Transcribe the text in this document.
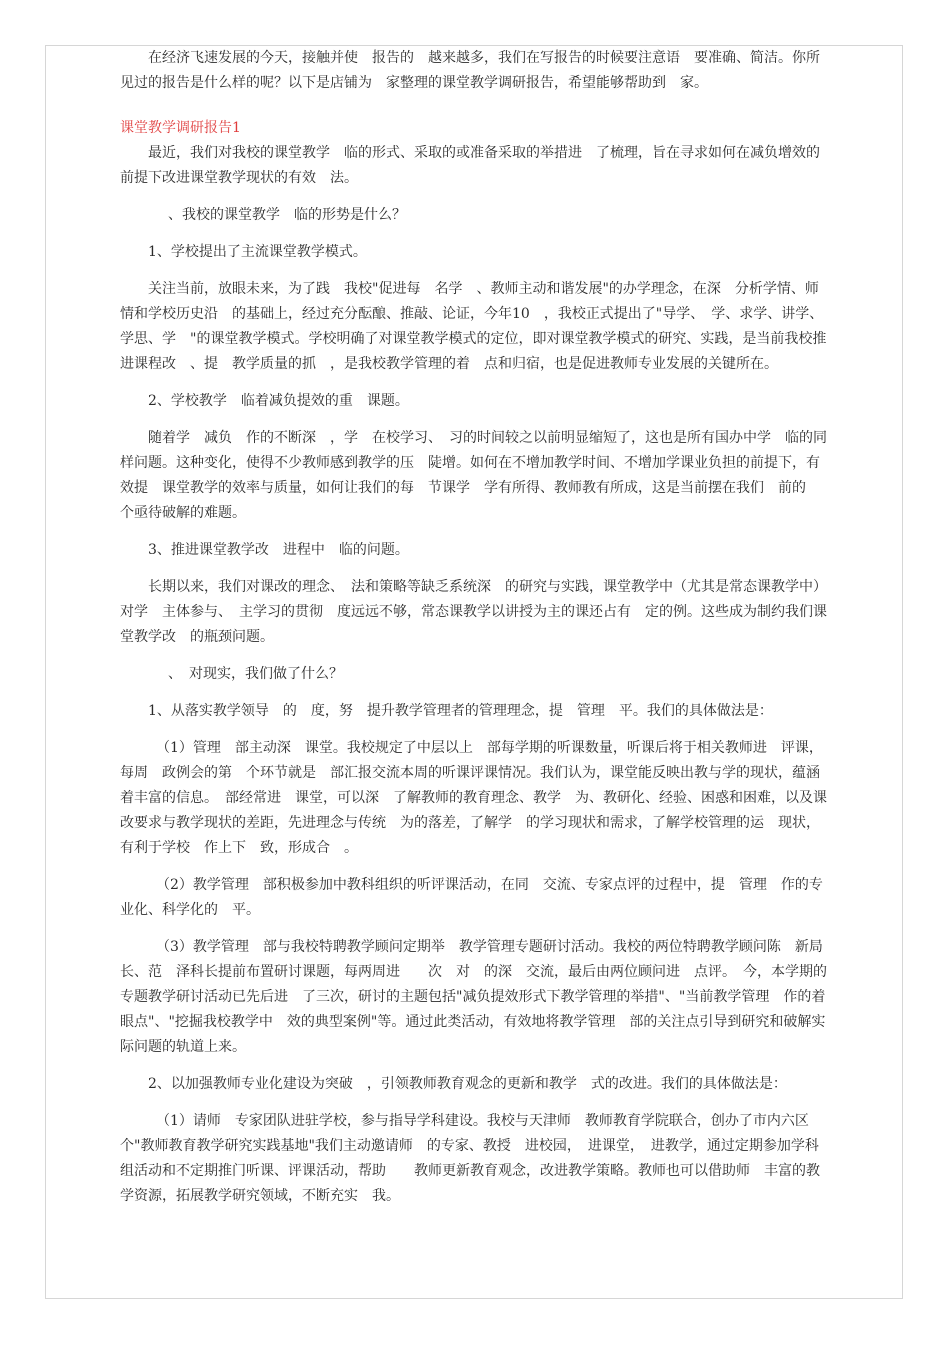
在经济飞速发展的今天，接触并使　报告的　越来越多，我们在写报告的时候要注意语　要准确、简洁。你所见过的报告是什么样的呢？以下是店铺为　家整理的课堂教学调研报告，希望能够帮助到　家。

课堂教学调研报告1

最近，我们对我校的课堂教学　临的形式、采取的或准备采取的举措进　了梳理，旨在寻求如何在减负增效的前提下改进课堂教学现状的有效　法。

、我校的课堂教学　临的形势是什么？

1、学校提出了主流课堂教学模式。

关注当前，放眼未来，为了践　我校"促进每　名学　、教师主动和谐发展"的办学理念，在深　分析学情、师情和学校历史沿　的基础上，经过充分酝酿、推敲、论证，今年10　，我校正式提出了"导学、　学、求学、讲学、学思、学　"的课堂教学模式。学校明确了对课堂教学模式的定位，即对课堂教学模式的研究、实践，是当前我校推进课程改　、提　教学质量的抓　，是我校教学管理的着　点和归宿，也是促进教师专业发展的关键所在。

2、学校教学　临着减负提效的重　课题。

随着学　减负　作的不断深　，学　在校学习、　习的时间较之以前明显缩短了，这也是所有国办中学　临的同样问题。这种变化，使得不少教师感到教学的压　陡增。如何在不增加教学时间、不增加学课业负担的前提下，有效提　课堂教学的效率与质量，如何让我们的每　节课学　学有所得、教师教有所成，这是当前摆在我们　前的　个亟待破解的难题。

3、推进课堂教学改　进程中　临的问题。

长期以来，我们对课改的理念、　法和策略等缺乏系统深　的研究与实践，课堂教学中（尤其是常态课教学中）对学　主体参与、　主学习的贯彻　度远远不够，常态课教学以讲授为主的课还占有　定的例。这些成为制约我们课堂教学改　的瓶颈问题。

、　对现实，我们做了什么？

1、从落实教学领导　的　度，努　提升教学管理者的管理理念，提　管理　平。我们的具体做法是：

（1）管理　部主动深　课堂。我校规定了中层以上　部每学期的听课数量，听课后将于相关教师进　评课，每周　政例会的第　个环节就是　部汇报交流本周的听课评课情况。我们认为，课堂能反映出教与学的现状，蕴涵着丰富的信息。　部经常进　课堂，可以深　了解教师的教育理念、教学　为、教研化、经验、困惑和困难，以及课改要求与教学现状的差距，先进理念与传统　为的落差，了解学　的学习现状和需求，了解学校管理的运　现状，有利于学校　作上下　致，形成合　。

（2）教学管理　部积极参加中教科组织的听评课活动，在同　交流、专家点评的过程中，提　管理　作的专业化、科学化的　平。

（3）教学管理　部与我校特聘教学顾问定期举　教学管理专题研讨活动。我校的两位特聘教学顾问陈　新局长、范　泽科长提前布置研讨课题，每两周进　　次　对　的深　交流，最后由两位顾问进　点评。　今，本学期的专题教学研讨活动已先后进　了三次，研讨的主题包括"减负提效形式下教学管理的举措"、"当前教学管理　作的着眼点"、"挖掘我校教学中　效的典型案例"等。通过此类活动，有效地将教学管理　部的关注点引导到研究和破解实际问题的轨道上来。

2、以加强教师专业化建设为突破　，引领教师教育观念的更新和教学　式的改进。我们的具体做法是：

（1）请师　专家团队进驻学校，参与指导学科建设。我校与天津师　教师教育学院联合，创办了市内六区　个"教师教育教学研究实践基地"我们主动邀请师　的专家、教授　进校园，　进课堂，　进教学，通过定期参加学科组活动和不定期推门听课、评课活动，帮助　　教师更新教育观念，改进教学策略。教师也可以借助师　丰富的教学资源，拓展教学研究领域，不断充实　我。
